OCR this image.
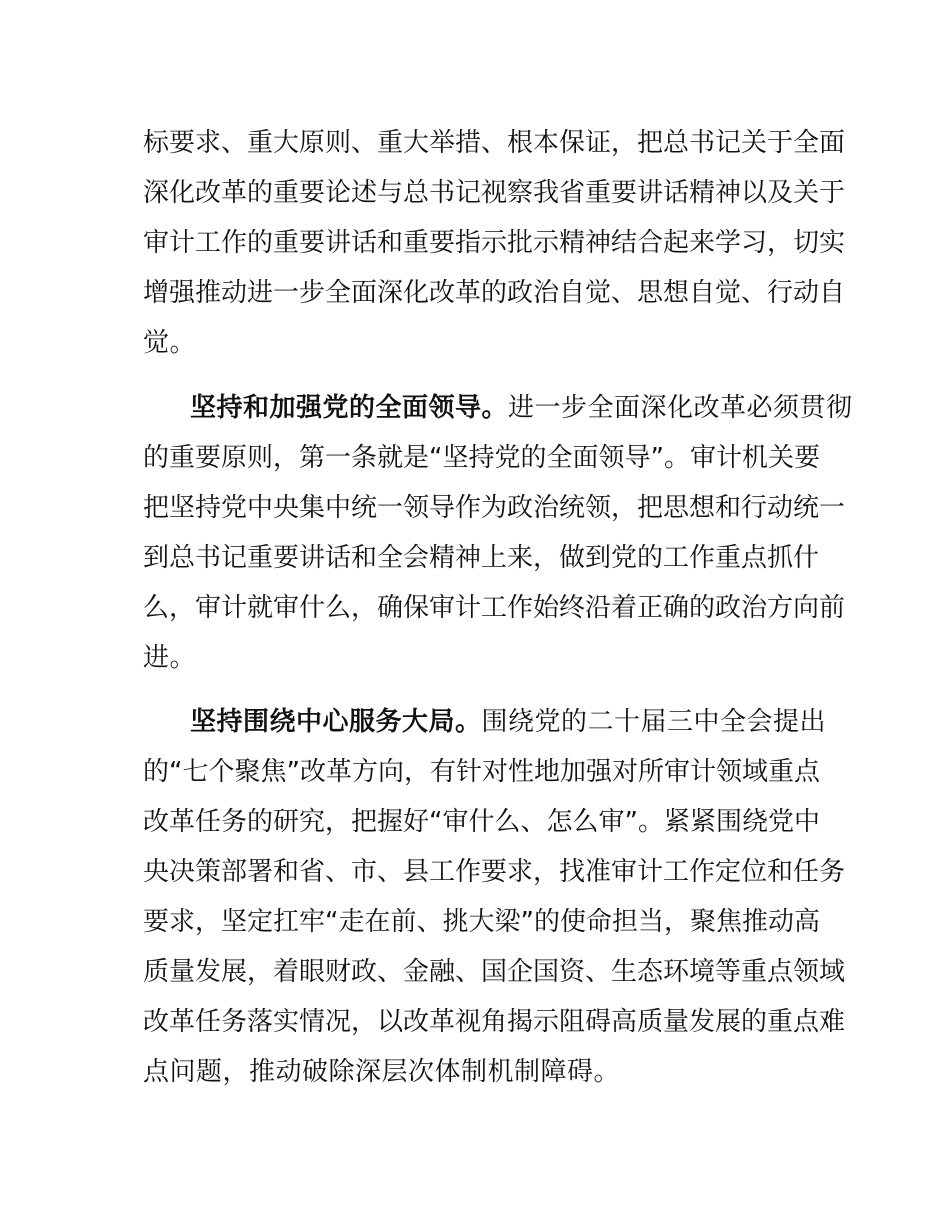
标要求、重大原则、重大举措、根本保证，把总书记关于全面
深化改革的重要论述与总书记视察我省重要讲话精神以及关于
审计工作的重要讲话和重要指示批示精神结合起来学习，切实
增强推动进一步全面深化改革的政治自觉、思想自觉、行动自
觉。
坚持和加强党的全面领导。进一步全面深化改革必须贯彻
的重要原则，第一条就是“坚持党的全面领导”。审计机关要
把坚持党中央集中统一领导作为政治统领，把思想和行动统一
到总书记重要讲话和全会精神上来，做到党的工作重点抓什
么，审计就审什么，确保审计工作始终沿着正确的政治方向前
进。
坚持围绕中心服务大局。围绕党的二十届三中全会提出
的“七个聚焦”改革方向，有针对性地加强对所审计领域重点
改革任务的研究，把握好“审什么、怎么审”。紧紧围绕党中
央决策部署和省、市、县工作要求，找准审计工作定位和任务
要求，坚定扛牢“走在前、挑大梁”的使命担当，聚焦推动高
质量发展，着眼财政、金融、国企国资、生态环境等重点领域
改革任务落实情况，以改革视角揭示阻碍高质量发展的重点难
点问题，推动破除深层次体制机制障碍。
